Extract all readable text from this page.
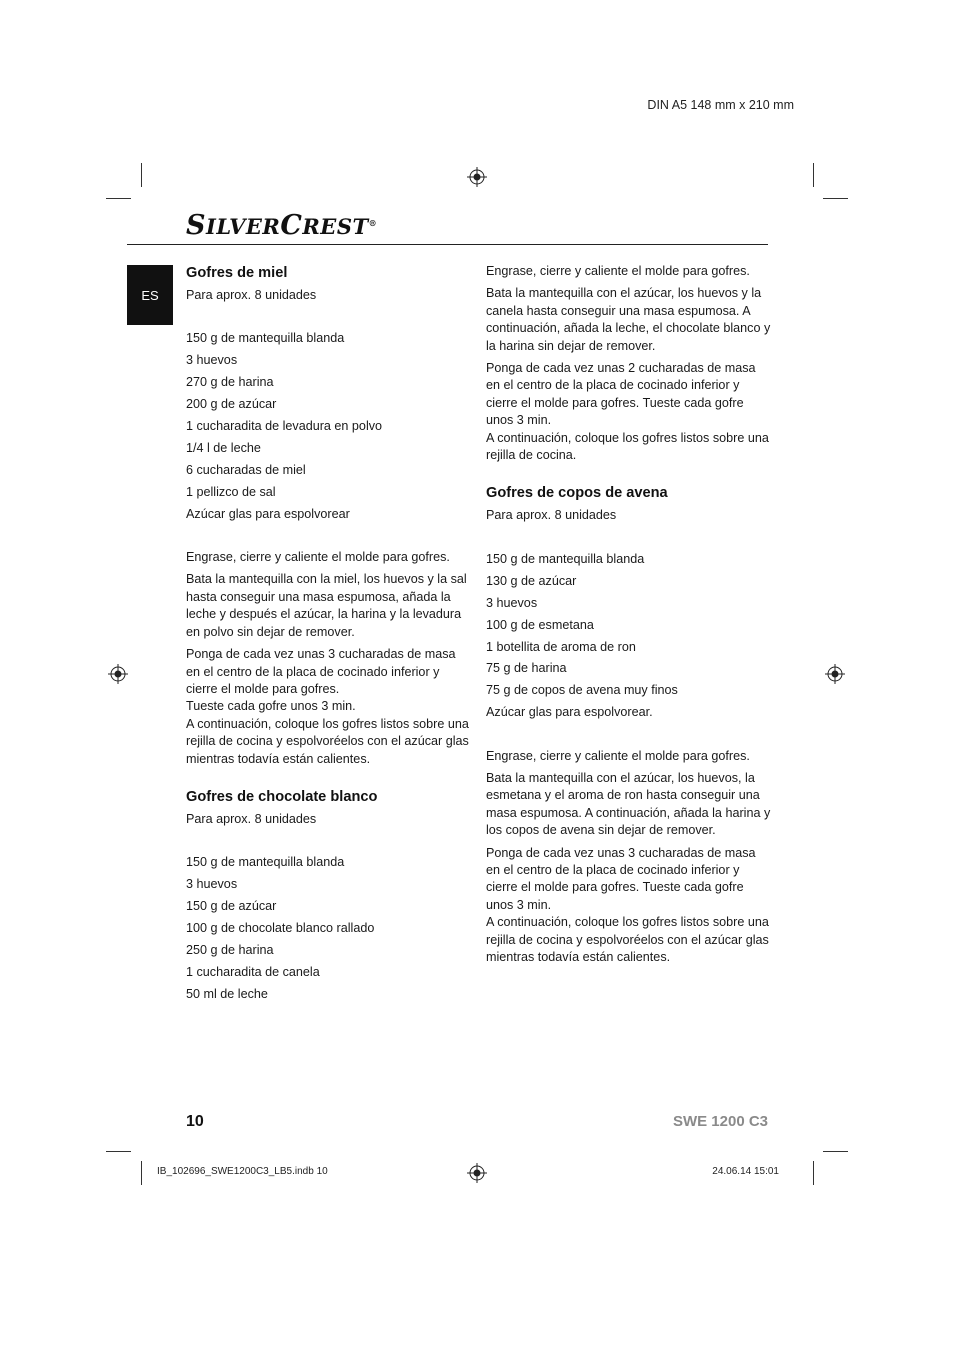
DIN A5 148 mm x 210 mm
SILVERCREST®
ES
Gofres de miel
Para aprox. 8 unidades
150 g de mantequilla blanda
3 huevos
270 g de harina
200 g de azúcar
1 cucharadita de levadura en polvo
1/4 l de leche
6 cucharadas de miel
1 pellizco de sal
Azúcar glas para espolvorear
Engrase, cierre y caliente el molde para gofres.
Bata la mantequilla con la miel, los huevos y la sal hasta conseguir una masa espumosa, añada la leche y después el azúcar, la harina y la levadura en polvo sin dejar de remover.
Ponga de cada vez unas 3 cucharadas de masa en el centro de la placa de cocinado inferior y cierre el molde para gofres.
Tueste cada gofre unos 3 min.
A continuación, coloque los gofres listos sobre una rejilla de cocina y espolvoréelos con el azúcar glas mientras todavía están calientes.
Gofres de chocolate blanco
Para aprox. 8 unidades
150 g de mantequilla blanda
3 huevos
150 g de azúcar
100 g de chocolate blanco rallado
250 g de harina
1 cucharadita de canela
50 ml de leche
Engrase, cierre y caliente el molde para gofres.
Bata la mantequilla con el azúcar, los huevos y la canela hasta conseguir una masa espumosa. A continuación, añada la leche, el chocolate blanco y la harina sin dejar de remover.
Ponga de cada vez unas 2 cucharadas de masa en el centro de la placa de cocinado inferior y cierre el molde para gofres. Tueste cada gofre unos 3 min.
A continuación, coloque los gofres listos sobre una rejilla de cocina.
Gofres de copos de avena
Para aprox. 8 unidades
150 g de mantequilla blanda
130 g de azúcar
3 huevos
100 g de esmetana
1 botellita de aroma de ron
75 g de harina
75 g de copos de avena muy finos
Azúcar glas para espolvorear.
Engrase, cierre y caliente el molde para gofres.
Bata la mantequilla con el azúcar, los huevos, la esmetana y el aroma de ron hasta conseguir una masa espumosa. A continuación, añada la harina y los copos de avena sin dejar de remover.
Ponga de cada vez unas 3 cucharadas de masa en el centro de la placa de cocinado inferior y cierre el molde para gofres. Tueste cada gofre unos 3 min.
A continuación, coloque los gofres listos sobre una rejilla de cocina y espolvoréelos con el azúcar glas mientras todavía están calientes.
10	SWE 1200 C3
IB_102696_SWE1200C3_LB5.indb 10	24.06.14 15:01
